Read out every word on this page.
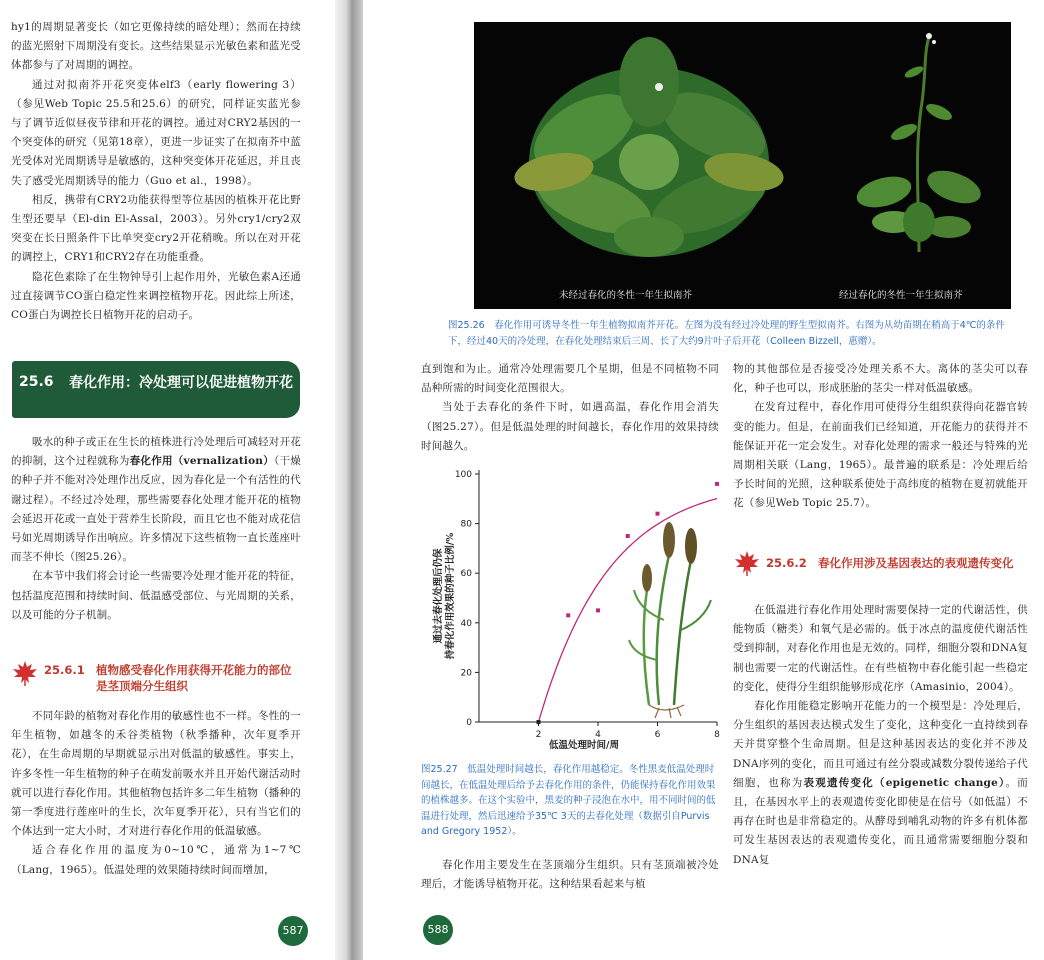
hy1的周期显著变长（如它更像持续的暗处理）；然而在持续的蓝光照射下周期没有变长。这些结果显示光敏色素和蓝光受体都参与了对周期的调控。

通过对拟南芥开花突变体elf3（early flowering 3）（参见Web Topic 25.5和25.6）的研究，同样证实蓝光参与了调节近似昼夜节律和开花的调控。通过对CRY2基因的一个突变体的研究（见第18章），更进一步证实了在拟南芥中蓝光受体对光周期诱导是敏感的，这种突变体开花延迟，并且丧失了感受光周期诱导的能力（Guo et al.，1998）。

相反，携带有CRY2功能获得型等位基因的植株开花比野生型还要早（El-din El-Assal，2003）。另外cry1/cry2双突变在长日照条件下比单突变cry2开花稍晚。所以在对开花的调控上，CRY1和CRY2存在功能重叠。

隐花色素除了在生物钟导引上起作用外，光敏色素A还通过直接调节CO蛋白稳定性来调控植物开花。因此综上所述，CO蛋白为调控长日植物开花的启动子。

25.6 春化作用：冷处理可以促进植物开花

吸水的种子或正在生长的植株进行冷处理后可减轻对开花的抑制，这个过程就称为春化作用（vernalization）（干燥的种子并不能对冷处理作出反应，因为春化是一个有活性的代谢过程）。不经过冷处理，那些需要春化处理才能开花的植物会延迟开花或一直处于营养生长阶段，而且它也不能对成花信号如光周期诱导作出响应。许多情况下这些植物一直长莲座叶而茎不伸长（图25.26）。

在本节中我们将会讨论一些需要冷处理才能开花的特征，包括温度范围和持续时间、低温感受部位、与光周期的关系，以及可能的分子机制。

25.6.1 植物感受春化作用获得开花能力的部位是茎顶端分生组织

不同年龄的植物对春化作用的敏感性也不一样。冬性的一年生植物，如越冬的禾谷类植物（秋季播种，次年夏季开花），在生命周期的早期就显示出对低温的敏感性。事实上，许多冬性一年生植物的种子在萌发前吸水并且开始代谢活动时就可以进行春化作用。其他植物包括许多二年生植物（播种的第一季度进行莲座叶的生长，次年夏季开花），只有当它们的个体达到一定大小时，才对进行春化作用的低温敏感。

适合春化作用的温度为0~10℃，通常为1~7℃（Lang，1965）。低温处理的效果随持续时间而增加，

587
未经过春化的冬性一年生拟南芥	经过春化的冬性一年生拟南芥
图25.26　春化作用可诱导冬性一年生植物拟南芥开花。左图为没有经过冷处理的野生型拟南芥。右图为从幼苗期在稍高于4℃的条件下，经过40天的冷处理，在春化处理结束后三周、长了大约9片叶子后开花（Colleen Bizzell，惠赠）。

直到饱和为止。通常冷处理需要几个星期，但是不同植物不同品种所需的时间变化范围很大。

当处于去春化的条件下时，如遇高温，春化作用会消失（图25.27）。但是低温处理的时间越长，春化作用的效果持续时间越久。

0
20
40
60
80
100
2	4	6	8
低温处理时间/周
通过去春化处理后仍保 持春化作用效果的种子比例/%
图25.27　低温处理时间越长，春化作用越稳定。冬性黑麦低温处理时间越长，在低温处理后给予去春化作用的条件，仍能保持春化作用效果的植株越多。在这个实验中，黑麦的种子浸泡在水中，用不同时间的低温进行处理，然后迅速给予35℃ 3天的去春化处理（数据引自Purvis and Gregory 1952）。

春化作用主要发生在茎顶端分生组织。只有茎顶端被冷处理后，才能诱导植物开花。这种结果看起来与植

物的其他部位是否接受冷处理关系不大。离体的茎尖可以春化，种子也可以，形成胚胎的茎尖一样对低温敏感。

在发育过程中，春化作用可使得分生组织获得向花器官转变的能力。但是，在前面我们已经知道，开花能力的获得并不能保证开花一定会发生。对春化处理的需求一般还与特殊的光周期相关联（Lang，1965）。最普遍的联系是：冷处理后给予长时间的光照，这种联系使处于高纬度的植物在夏初就能开花（参见Web Topic 25.7）。

25.6.2 春化作用涉及基因表达的表观遗传变化

在低温进行春化作用处理时需要保持一定的代谢活性，供能物质（糖类）和氧气是必需的。低于冰点的温度使代谢活性受到抑制，对春化作用也是无效的。同样，细胞分裂和DNA复制也需要一定的代谢活性。在有些植物中春化能引起一些稳定的变化，使得分生组织能够形成花序（Amasinio，2004）。

春化作用能稳定影响开花能力的一个模型是：冷处理后，分生组织的基因表达模式发生了变化，这种变化一直持续到春天并贯穿整个生命周期。但是这种基因表达的变化并不涉及DNA序列的变化，而且可通过有丝分裂或减数分裂传递给子代细胞，也称为表观遗传变化（epigenetic change）。而且，在基因水平上的表观遗传变化即使是在信号（如低温）不再存在时也是非常稳定的。从酵母到哺乳动物的许多有机体都可发生基因表达的表观遗传变化，而且通常需要细胞分裂和DNA复

588
